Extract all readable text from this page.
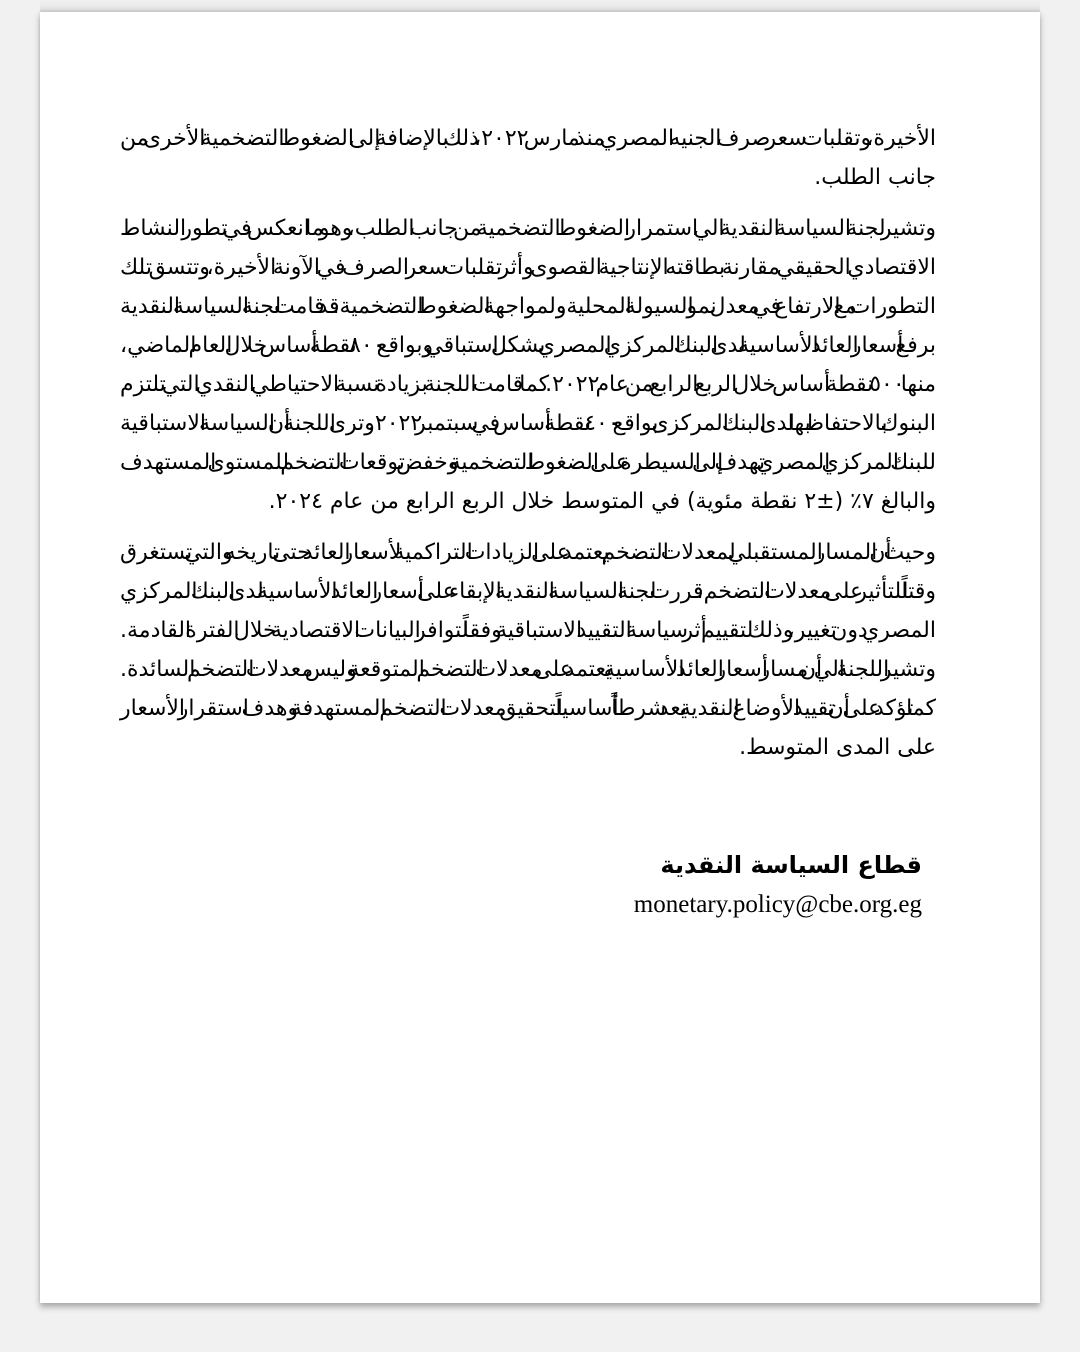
الأخيرة، وتقلبات سعر صرف الجنيه المصري منذ مارس ٢٠٢٢، ذلك بالإضافة إلى الضغوط التضخمية الأخرى من
جانب الطلب.
وتشير لجنة السياسة النقدية الي استمرار الضغوط التضخمية من جانب الطلب، وهو ما انعكس في تطور النشاط
الاقتصادي الحقيقي مقارنة بطاقته الإنتاجية القصوى وأثر تقلبات سعر الصرف في الآونة الأخيرة، وتتسق تلك
التطورات مع الارتفاع في معدل نمو السيولة المحلية. ولمواجهة الضغوط التضخمية، قد قامت لجنة السياسة النقدية
برفع أسعار العائد الأساسية لدى البنك المركزي المصري بشكل استباقي وبواقع ٨٠٠ نقطة أساس خلال العام الماضي،
منها ٥٠٠ نقطة أساس خلال الربع الرابع من عام ٢٠٢٢. كما قامت اللجنة بزيادة نسبة الاحتياطي النقدي التي تلتزم
البنوك بالاحتفاظ بها لدى البنك المركزى بواقع ٤٠٠ نقطة أساس في سبتمبر ٢٠٢٢. وترى اللجنة أن السياسة الاستباقية
للبنك المركزي المصري تهدف إلى السيطرة على الضغوط التضخمية وخفض توقعات التضخم للمستوى المستهدف
والبالغ ٧٪ (±٢ نقطة مئوية) في المتوسط خلال الربع الرابع من عام ٢٠٢٤.
وحيث أن المسار المستقبلي لمعدلات التضخم يعتمد على الزيادات التراكمية لأسعار العائد حتى تاريخه والتي تستغرق
وقتاً للتأثير على معدلات التضخم، قررت لجنة السياسة النقدية الإبقاء على أسعار العائد الأساسية لدى البنك المركزي
المصري دون تغيير، وذلك لتقييم أثر سياسة التقييد الاستباقية وفقاً لتوافر البيانات الاقتصادية خلال الفترة القادمة.
وتشير اللجنة الي أن مسار أسعار العائد الأساسية يعتمد على معدلات التضخم المتوقعة وليس معدلات التضخم السائدة.
كما تؤكد على أن تقييد الأوضاع النقدية يعد شرطاً أساسياً لتحقيق معدلات التضخم المستهدفة وهدف استقرار الأسعار
على المدى المتوسط.
قطاع السياسة النقدية
monetary.policy@cbe.org.eg
